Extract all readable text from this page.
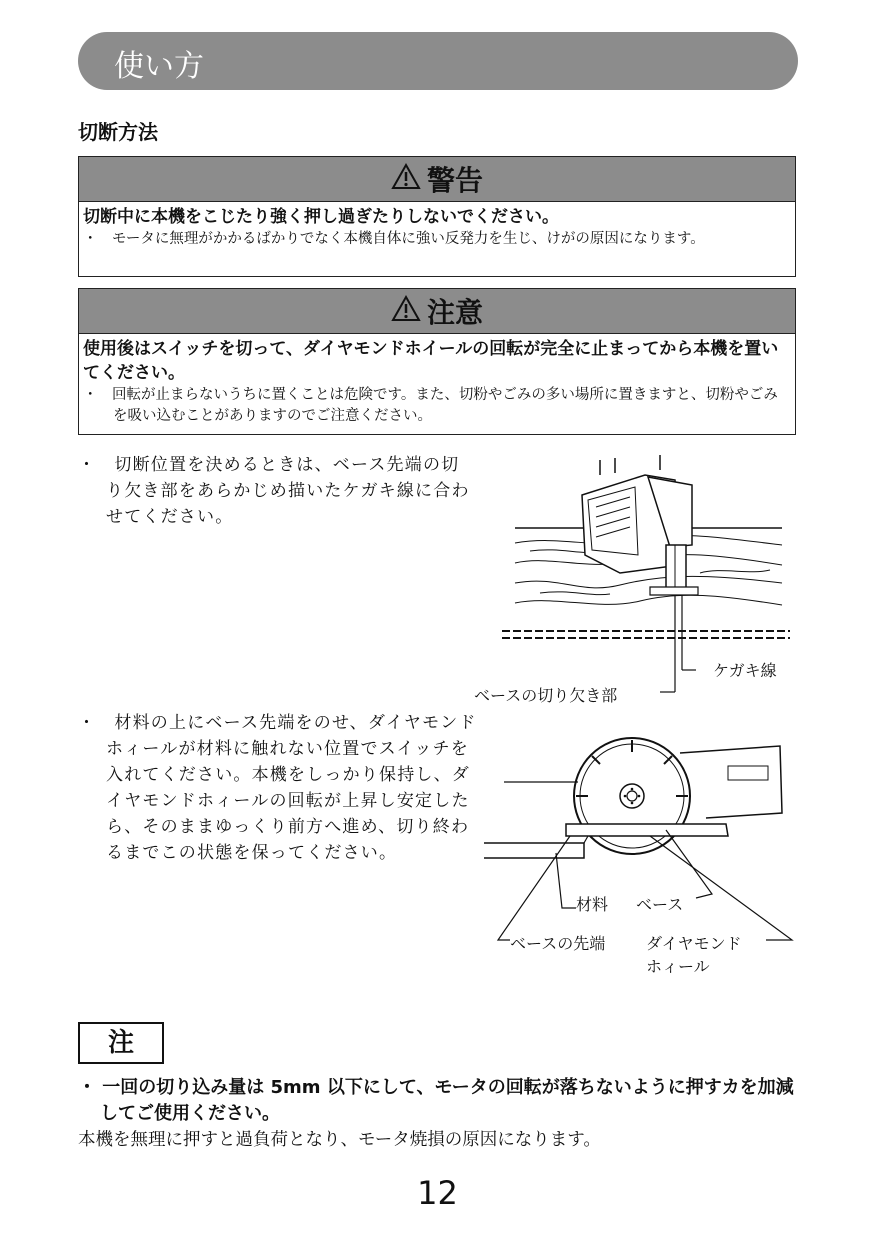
使い方
切断方法
警告
切断中に本機をこじたり強く押し過ぎたりしないでください。
・　モータに無理がかかるばかりでなく本機自体に強い反発力を生じ、けがの原因になります。
注意
使用後はスイッチを切って、ダイヤモンドホイールの回転が完全に止まってから本機を置いてください。
・　回転が止まらないうちに置くことは危険です。また、切粉やごみの多い場所に置きますと、切粉やごみを吸い込むことがありますのでご注意ください。
・　切断位置を決めるときは、ベース先端の切り欠き部をあらかじめ描いたケガキ線に合わせてください。
ケガキ線
ベースの切り欠き部
・　材料の上にベース先端をのせ、ダイヤモンドホィールが材料に触れない位置でスイッチを入れてください。本機をしっかり保持し、ダイヤモンドホィールの回転が上昇し安定したら、そのままゆっくり前方へ進め、切り終わるまでこの状態を保ってください。
材料 ベース
ベースの先端	ダイヤモンド
ホィール
注
・ 一回の切り込み量は 5mm 以下にして、モータの回転が落ちないように押すカを加減してご使用ください。
本機を無理に押すと過負荷となり、モータ焼損の原因になります。
12
